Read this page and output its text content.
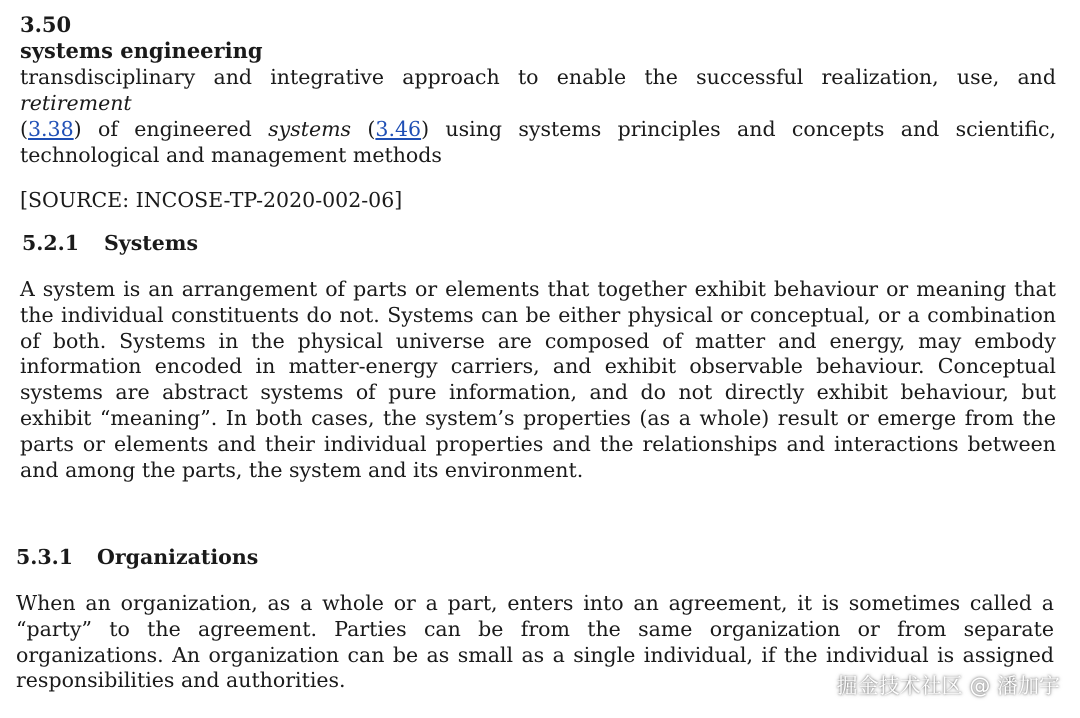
3.50
systems engineering

transdisciplinary and integrative approach to enable the successful realization, use, and retirement
(3.38) of engineered systems (3.46) using systems principles and concepts and scientific, technological and management methods

[SOURCE: INCOSE-TP-2020-002-06]
5.2.1 Systems

A system is an arrangement of parts or elements that together exhibit behaviour or meaning that the individual constituents do not. Systems can be either physical or conceptual, or a combination of both. Systems in the physical universe are composed of matter and energy, may embody information encoded in matter-energy carriers, and exhibit observable behaviour. Conceptual systems are abstract systems of pure information, and do not directly exhibit behaviour, but exhibit “meaning”. In both cases, the system’s properties (as a whole) result or emerge from the parts or elements and their individual properties and the relationships and interactions between and among the parts, the system and its environment.

5.3.1 Organizations

When an organization, as a whole or a part, enters into an agreement, it is sometimes called a “party” to the agreement. Parties can be from the same organization or from separate organizations. An organization can be as small as a single individual, if the individual is assigned responsibilities and authorities.	掘金技术社区 @ 潘加宇
